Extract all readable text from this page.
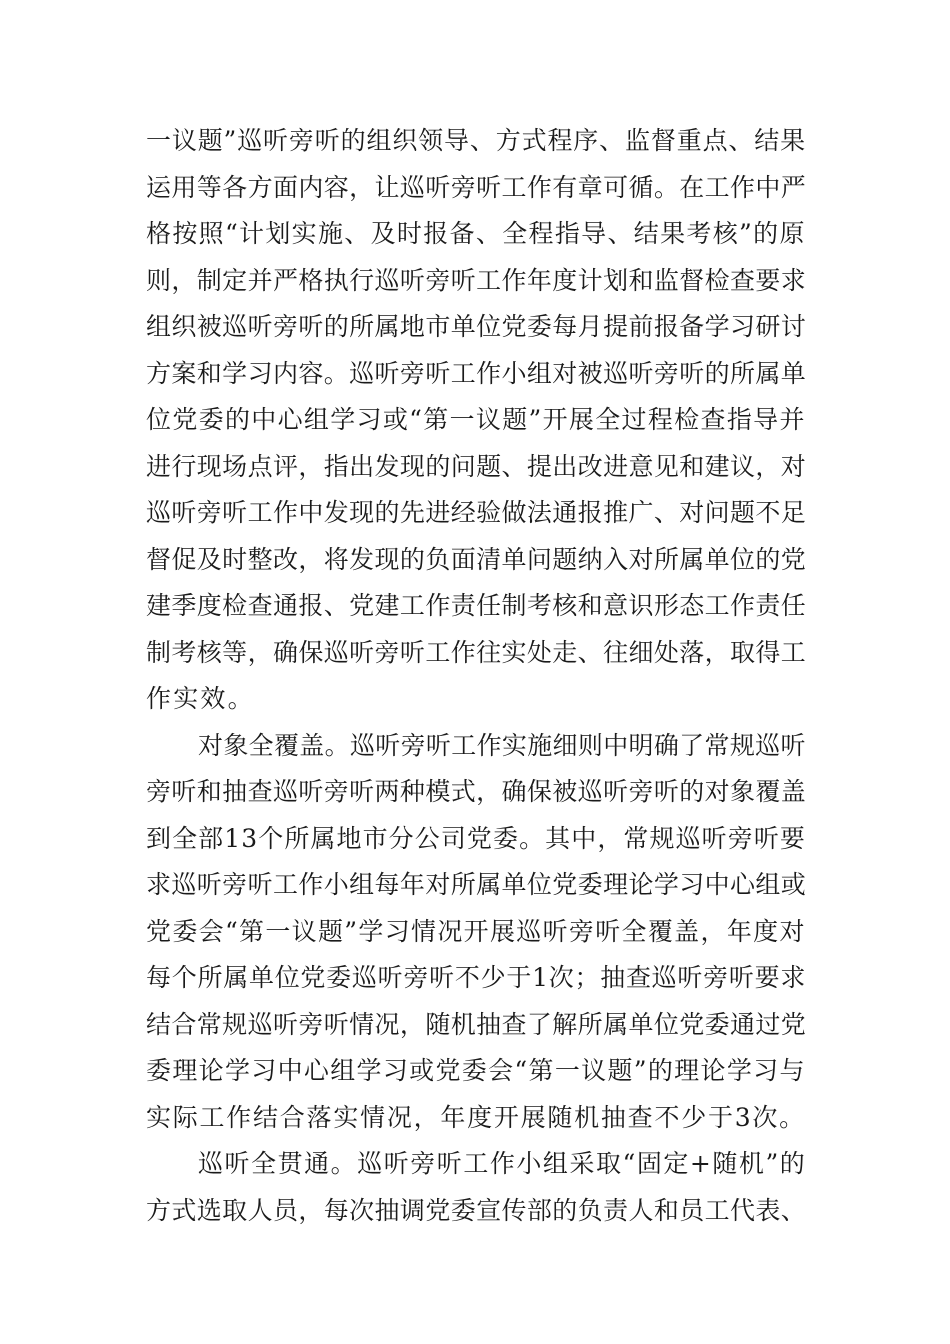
一议题”巡听旁听的组织领导、方式程序、监督重点、结果
运用等各方面内容，让巡听旁听工作有章可循。在工作中严
格按照“计划实施、及时报备、全程指导、结果考核”的原
则，制定并严格执行巡听旁听工作年度计划和监督检查要求
组织被巡听旁听的所属地市单位党委每月提前报备学习研讨
方案和学习内容。巡听旁听工作小组对被巡听旁听的所属单
位党委的中心组学习或“第一议题”开展全过程检查指导并
进行现场点评，指出发现的问题、提出改进意见和建议，对
巡听旁听工作中发现的先进经验做法通报推广、对问题不足
督促及时整改，将发现的负面清单问题纳入对所属单位的党
建季度检查通报、党建工作责任制考核和意识形态工作责任
制考核等，确保巡听旁听工作往实处走、往细处落，取得工
作实效。
对象全覆盖。巡听旁听工作实施细则中明确了常规巡听
旁听和抽查巡听旁听两种模式，确保被巡听旁听的对象覆盖
到全部13个所属地市分公司党委。其中，常规巡听旁听要
求巡听旁听工作小组每年对所属单位党委理论学习中心组或
党委会“第一议题”学习情况开展巡听旁听全覆盖，年度对
每个所属单位党委巡听旁听不少于1次；抽查巡听旁听要求
结合常规巡听旁听情况，随机抽查了解所属单位党委通过党
委理论学习中心组学习或党委会“第一议题”的理论学习与
实际工作结合落实情况，年度开展随机抽查不少于3次。
巡听全贯通。巡听旁听工作小组采取“固定+随机”的
方式选取人员，每次抽调党委宣传部的负责人和员工代表、
